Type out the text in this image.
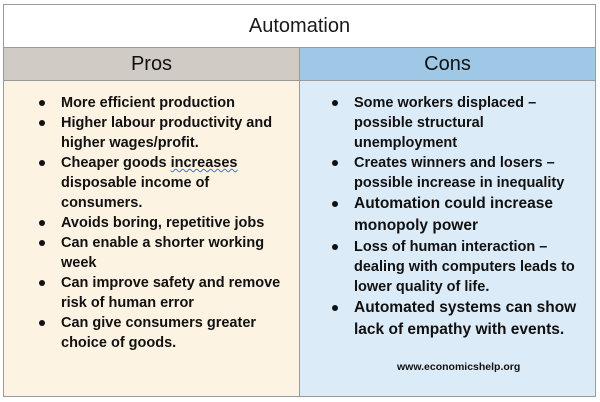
Automation
Pros	Cons
More efficient production
Higher labour productivity and higher wages/profit.
Cheaper goods increases disposable income of consumers.
Avoids boring, repetitive jobs
Can enable a shorter working week
Can improve safety and remove risk of human error
Can give consumers greater choice of goods.
Some workers displaced – possible structural unemployment
Creates winners and losers – possible increase in inequality
Automation could increase monopoly power
Loss of human interaction – dealing with computers leads to lower quality of life.
Automated systems can show lack of empathy with events.
www.economicshelp.org
